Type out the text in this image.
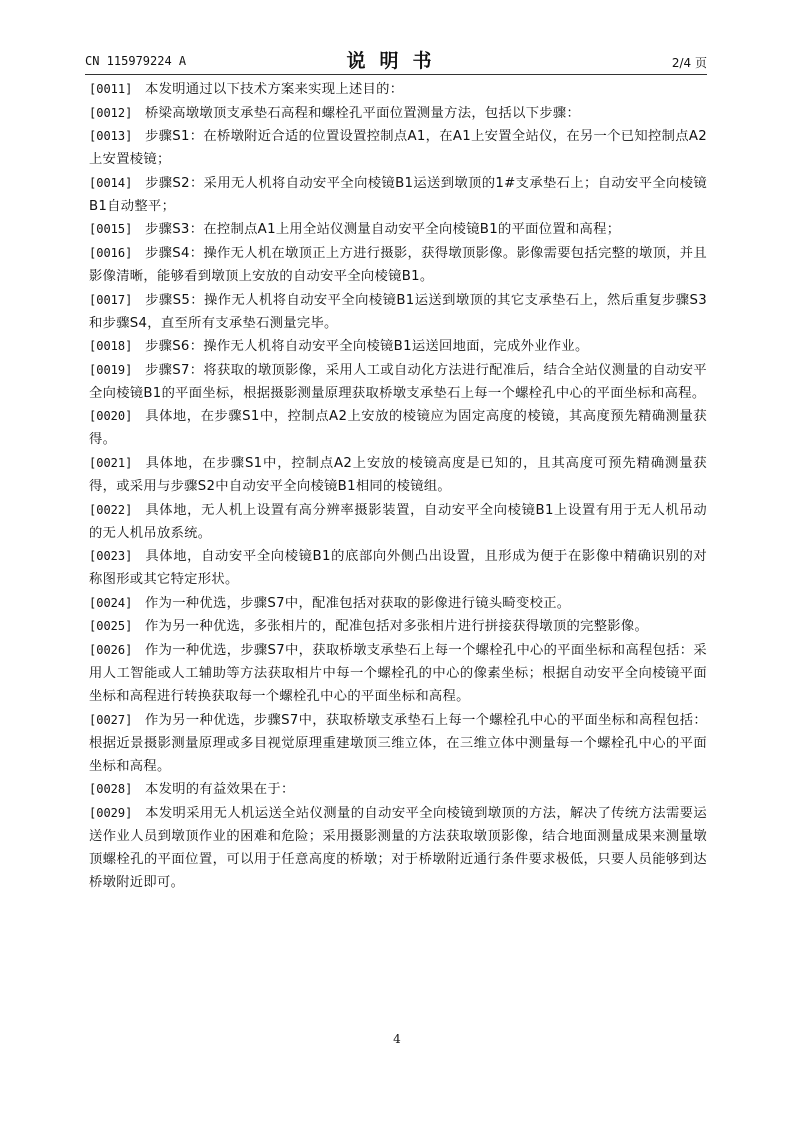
CN 115979224 A	说明书	2/4 页

[0011] 本发明通过以下技术方案来实现上述目的：

[0012] 桥梁高墩墩顶支承垫石高程和螺栓孔平面位置测量方法，包括以下步骤：

[0013] 步骤S1：在桥墩附近合适的位置设置控制点A1，在A1上安置全站仪，在另一个已知控制点A2上安置棱镜；

[0014] 步骤S2：采用无人机将自动安平全向棱镜B1运送到墩顶的1#支承垫石上；自动安平全向棱镜B1自动整平；

[0015] 步骤S3：在控制点A1上用全站仪测量自动安平全向棱镜B1的平面位置和高程；

[0016] 步骤S4：操作无人机在墩顶正上方进行摄影，获得墩顶影像。影像需要包括完整的墩顶，并且影像清晰，能够看到墩顶上安放的自动安平全向棱镜B1。

[0017] 步骤S5：操作无人机将自动安平全向棱镜B1运送到墩顶的其它支承垫石上，然后重复步骤S3和步骤S4，直至所有支承垫石测量完毕。

[0018] 步骤S6：操作无人机将自动安平全向棱镜B1运送回地面，完成外业作业。

[0019] 步骤S7：将获取的墩顶影像，采用人工或自动化方法进行配准后，结合全站仪测量的自动安平全向棱镜B1的平面坐标，根据摄影测量原理获取桥墩支承垫石上每一个螺栓孔中心的平面坐标和高程。

[0020] 具体地，在步骤S1中，控制点A2上安放的棱镜应为固定高度的棱镜，其高度预先精确测量获得。

[0021] 具体地，在步骤S1中，控制点A2上安放的棱镜高度是已知的，且其高度可预先精确测量获得，或采用与步骤S2中自动安平全向棱镜B1相同的棱镜组。

[0022] 具体地，无人机上设置有高分辨率摄影装置，自动安平全向棱镜B1上设置有用于无人机吊动的无人机吊放系统。

[0023] 具体地，自动安平全向棱镜B1的底部向外侧凸出设置，且形成为便于在影像中精确识别的对称图形或其它特定形状。

[0024] 作为一种优选，步骤S7中，配准包括对获取的影像进行镜头畸变校正。

[0025] 作为另一种优选，多张相片的，配准包括对多张相片进行拼接获得墩顶的完整影像。

[0026] 作为一种优选，步骤S7中，获取桥墩支承垫石上每一个螺栓孔中心的平面坐标和高程包括：采用人工智能或人工辅助等方法获取相片中每一个螺栓孔的中心的像素坐标；根据自动安平全向棱镜平面坐标和高程进行转换获取每一个螺栓孔中心的平面坐标和高程。

[0027] 作为另一种优选，步骤S7中，获取桥墩支承垫石上每一个螺栓孔中心的平面坐标和高程包括：根据近景摄影测量原理或多目视觉原理重建墩顶三维立体，在三维立体中测量每一个螺栓孔中心的平面坐标和高程。

[0028] 本发明的有益效果在于：

[0029] 本发明采用无人机运送全站仪测量的自动安平全向棱镜到墩顶的方法，解决了传统方法需要运送作业人员到墩顶作业的困难和危险；采用摄影测量的方法获取墩顶影像，结合地面测量成果来测量墩顶螺栓孔的平面位置，可以用于任意高度的桥墩；对于桥墩附近通行条件要求极低，只要人员能够到达桥墩附近即可。

4
